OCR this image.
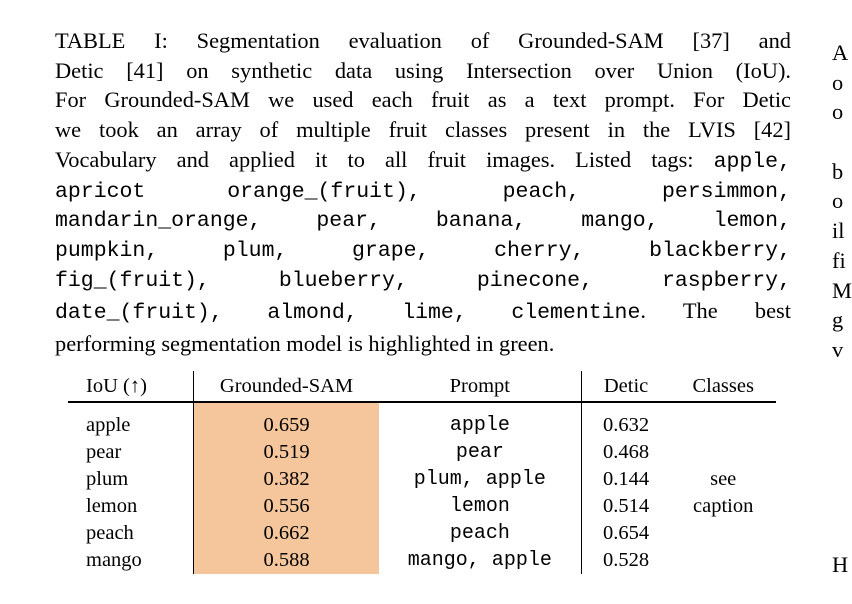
TABLE I: Segmentation evaluation of Grounded-SAM [37] and
Detic [41] on synthetic data using Intersection over Union (IoU).
For Grounded-SAM we used each fruit as a text prompt. For Detic
we took an array of multiple fruit classes present in the LVIS [42]
Vocabulary and applied it to all fruit images. Listed tags: apple,
apricot orange_(fruit), peach, persimmon,
mandarin_orange, pear, banana, mango, lemon,
pumpkin, plum, grape, cherry, blackberry,
fig_(fruit), blueberry, pinecone, raspberry,
date_(fruit), almond, lime, clementine. The best
performing segmentation model is highlighted in green.
IoU (↑)	Grounded-SAM	Prompt	Detic	Classes
apple	0.659	apple	0.632	
pear	0.519	pear	0.468	
plum	0.382	plum, apple	0.144	see
lemon	0.556	lemon	0.514	caption
peach	0.662	peach	0.654	
mango	0.588	mango, apple	0.528	
A
o
o
b
o
il
fi
M
g
v
H
